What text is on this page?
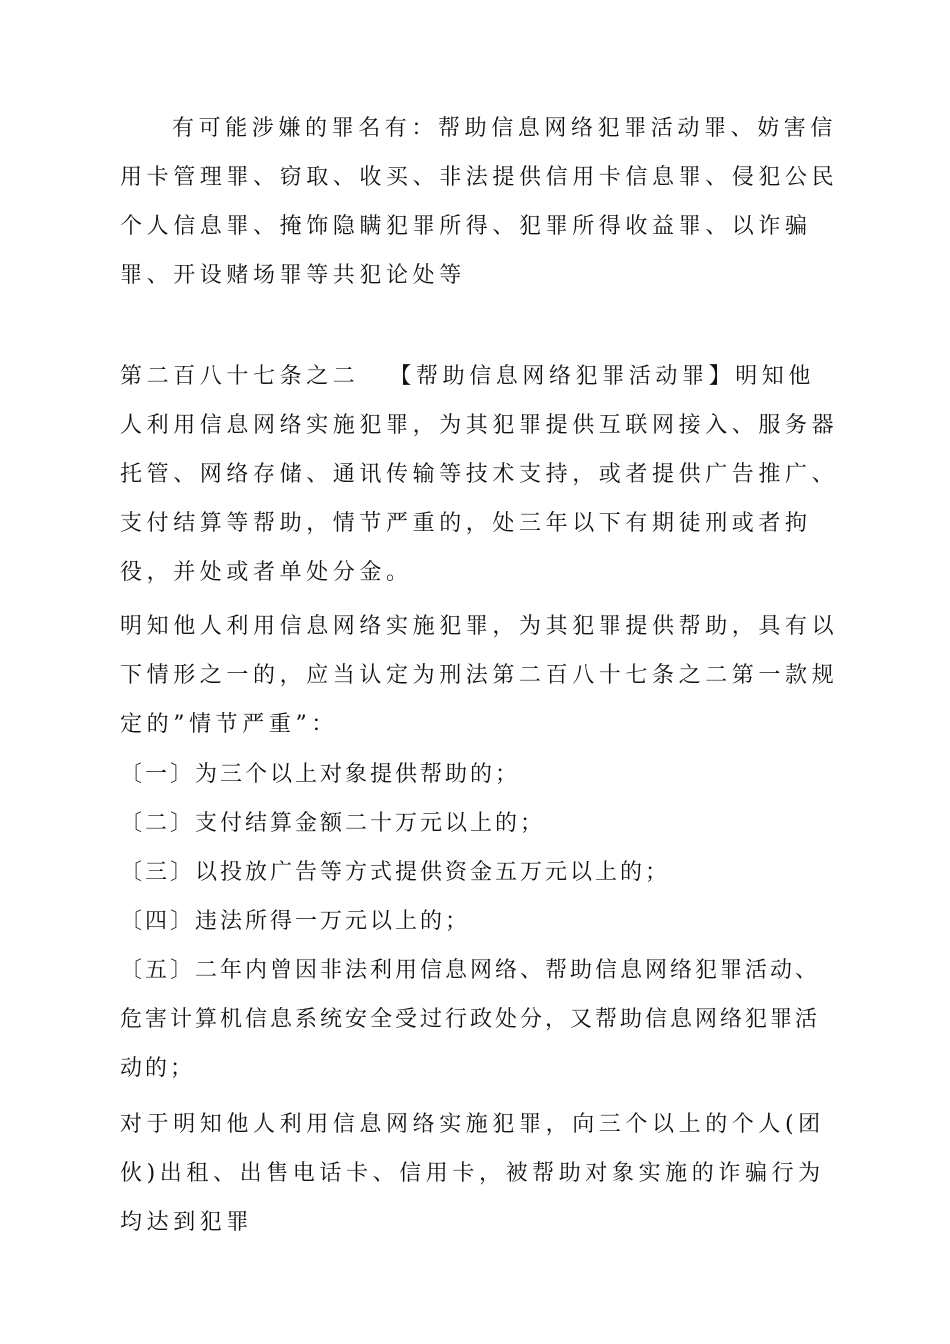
有可能涉嫌的罪名有：帮助信息网络犯罪活动罪、妨害信用卡管理罪、窃取、收买、非法提供信用卡信息罪、侵犯公民个人信息罪、掩饰隐瞒犯罪所得、犯罪所得收益罪、以诈骗罪、开设赌场罪等共犯论处等

第二百八十七条之二 【帮助信息网络犯罪活动罪】明知他人利用信息网络实施犯罪，为其犯罪提供互联网接入、服务器托管、网络存储、通讯传输等技术支持，或者提供广告推广、支付结算等帮助，情节严重的，处三年以下有期徒刑或者拘役，并处或者单处分金。

明知他人利用信息网络实施犯罪，为其犯罪提供帮助，具有以下情形之一的，应当认定为刑法第二百八十七条之二第一款规定的”情节严重”：

〔一〕为三个以上对象提供帮助的；

〔二〕支付结算金额二十万元以上的；

〔三〕以投放广告等方式提供资金五万元以上的；

〔四〕违法所得一万元以上的；

〔五〕二年内曾因非法利用信息网络、帮助信息网络犯罪活动、危害计算机信息系统安全受过行政处分，又帮助信息网络犯罪活动的；

对于明知他人利用信息网络实施犯罪，向三个以上的个人(团伙)出租、出售电话卡、信用卡，被帮助对象实施的诈骗行为均达到犯罪
